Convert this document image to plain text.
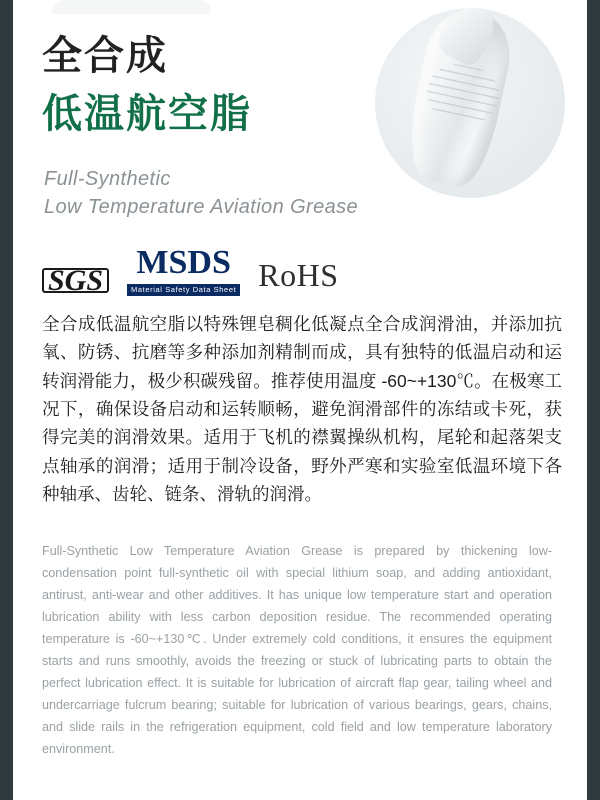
全合成
低温航空脂
Full-Synthetic
Low Temperature Aviation Grease
SGS MSDS
Material Safety Data Sheet RoHS
全合成低温航空脂以特殊锂皂稠化低凝点全合成润滑油，并添加抗氧、防锈、抗磨等多种添加剂精制而成，具有独特的低温启动和运转润滑能力，极少积碳残留。推荐使用温度 -60~+130℃。在极寒工况下，确保设备启动和运转顺畅，避免润滑部件的冻结或卡死，获得完美的润滑效果。适用于飞机的襟翼操纵机构，尾轮和起落架支点轴承的润滑；适用于制冷设备，野外严寒和实验室低温环境下各种轴承、齿轮、链条、滑轨的润滑。
Full-Synthetic Low Temperature Aviation Grease is prepared by thickening low-condensation point full-synthetic oil with special lithium soap, and adding antioxidant, antirust, anti-wear and other additives. It has unique low temperature start and operation lubrication ability with less carbon deposition residue. The recommended operating temperature is -60~+130℃. Under extremely cold conditions, it ensures the equipment starts and runs smoothly, avoids the freezing or stuck of lubricating parts to obtain the perfect lubrication effect. It is suitable for lubrication of aircraft flap gear, tailing wheel and undercarriage fulcrum bearing; suitable for lubrication of various bearings, gears, chains, and slide rails in the refrigeration equipment, cold field and low temperature laboratory environment.
